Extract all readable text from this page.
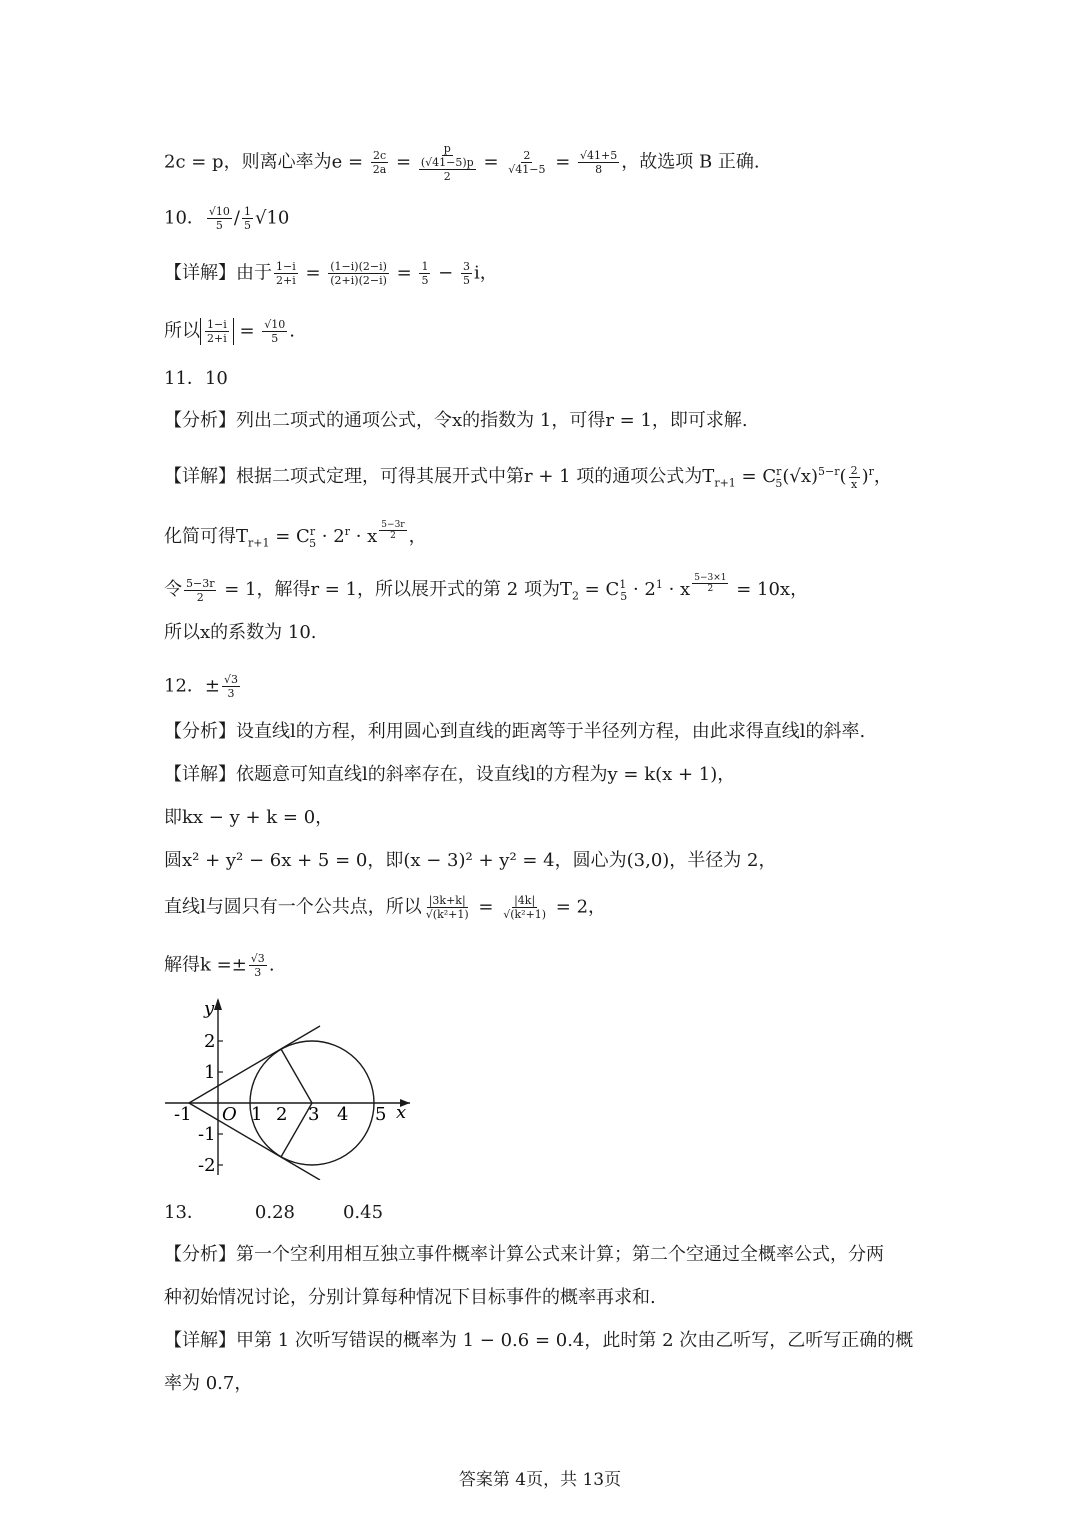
2c = p，则离心率为$e = \frac{2c}{2a}$ =
p
(√41−5)p
2
= $\frac{2}{√41-5} = \frac{√41+5}{8}$ ，故选项 B 正确.
10． $\frac{√10}{5} / \frac{1}{5} √10$
【详解】由于 $\frac{1-i}{2+i} = \frac{(1-i)(2-i)}{(2+i)(2-i)} = \frac{1}{5} - \frac{3}{5}$ i，
所以 $\frac{1-i}{2+i} = \frac{√10}{5}$ .
11．10
【分析】列出二项式的通项公式，令x的指数为 1，可得r = 1，即可求解.
【详解】根据二项式定理，可得其展开式中第r + 1 项的通项公式为$T_{r+1} = C^r_5(√x)^{5-r}( \frac{2}{x} )^r$，
化简可得$T_{r+1} = C^r_5 \cdot 2^r \cdot x \frac{5-3r}{2}$ ，
令 $\frac{5-3r}{2} = 1$，解得r = 1，所以展开式的第 2 项为$T_2 = C^1_5 \cdot 2^1 \cdot x \frac{5-3\times 1}{2} = 10x$，
所以x的系数为 10.
12．± $\frac{√3}{3}$
【分析】设直线l的方程，利用圆心到直线的距离等于半径列方程，由此求得直线l的斜率.
【详解】依题意可知直线l的斜率存在，设直线l的方程为y = k(x + 1)，
即kx − y + k = 0，
圆x² + y² − 6x + 5 = 0，即(x − 3)² + y² = 4，圆心为(3,0)，半径为 2，
直线l与圆只有一个公共点，所以 $\frac{|3k+k|}{\text{√(k²+1)}} = \frac{|4k|}{\text{√(k²+1)}} = 2$，
解得$k =\pm \frac{√3}{3}$ .
y
x
O
-1	1 2 3 4 5
2
1
-1
-2
13．	0.28	0.45
【分析】第一个空利用相互独立事件概率计算公式来计算；第二个空通过全概率公式，分两
种初始情况讨论，分别计算每种情况下目标事件的概率再求和.
【详解】甲第 1 次听写错误的概率为 1 − 0.6 = 0.4，此时第 2 次由乙听写，乙听写正确的概
率为 0.7，
答案第 4页，共 13页
